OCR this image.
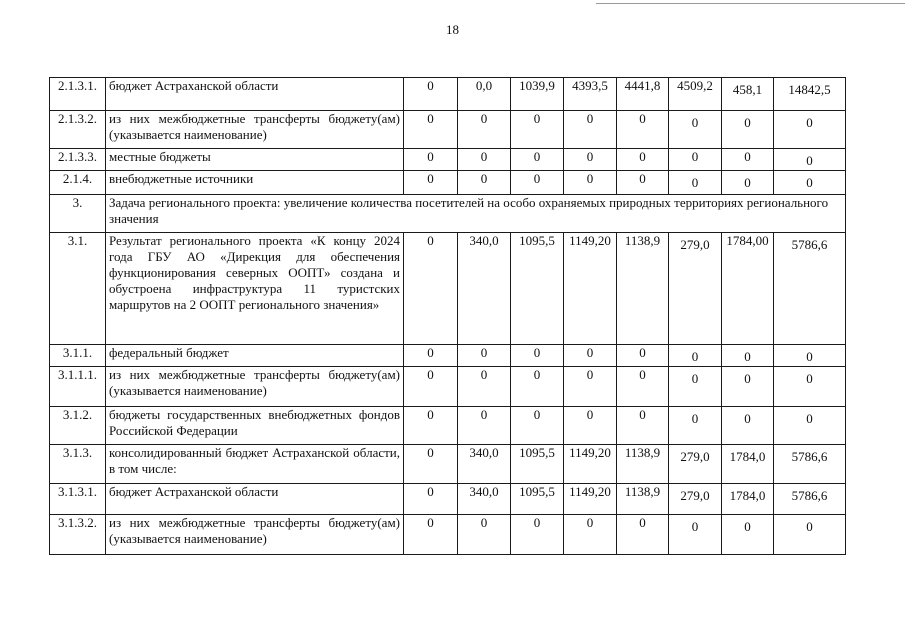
18
2.1.3.1.	бюджет Астраханской области	0	0,0	1039,9	4393,5	4441,8	4509,2	458,1	14842,5
2.1.3.2.	из них межбюджетные трансферты бюджету(ам) (указывается наименование)	0	0	0	0	0	0	0	0
2.1.3.3.	местные бюджеты	0	0	0	0	0	0	0	0
2.1.4.	внебюджетные источники	0	0	0	0	0	0	0	0
3.	Задача регионального проекта: увеличение количества посетителей на особо охраняемых природных территориях регионального значения								
3.1.	Результат регионального проекта «К концу 2024 года ГБУ АО «Дирекция для обеспечения функционирования северных ООПТ» создана и обустроена инфраструктура 11 туристских маршрутов на 2 ООПТ регионального значения»	0	340,0	1095,5	1149,20	1138,9	279,0	1784,00	5786,6
3.1.1.	федеральный бюджет	0	0	0	0	0	0	0	0
3.1.1.1.	из них межбюджетные трансферты бюджету(ам) (указывается наименование)	0	0	0	0	0	0	0	0
3.1.2.	бюджеты государственных внебюджетных фондов Российской Федерации	0	0	0	0	0	0	0	0
3.1.3.	консолидированный бюджет Астраханской области, в том числе:	0	340,0	1095,5	1149,20	1138,9	279,0	1784,0	5786,6
3.1.3.1.	бюджет Астраханской области	0	340,0	1095,5	1149,20	1138,9	279,0	1784,0	5786,6
3.1.3.2.	из них межбюджетные трансферты бюджету(ам) (указывается наименование)	0	0	0	0	0	0	0	0
